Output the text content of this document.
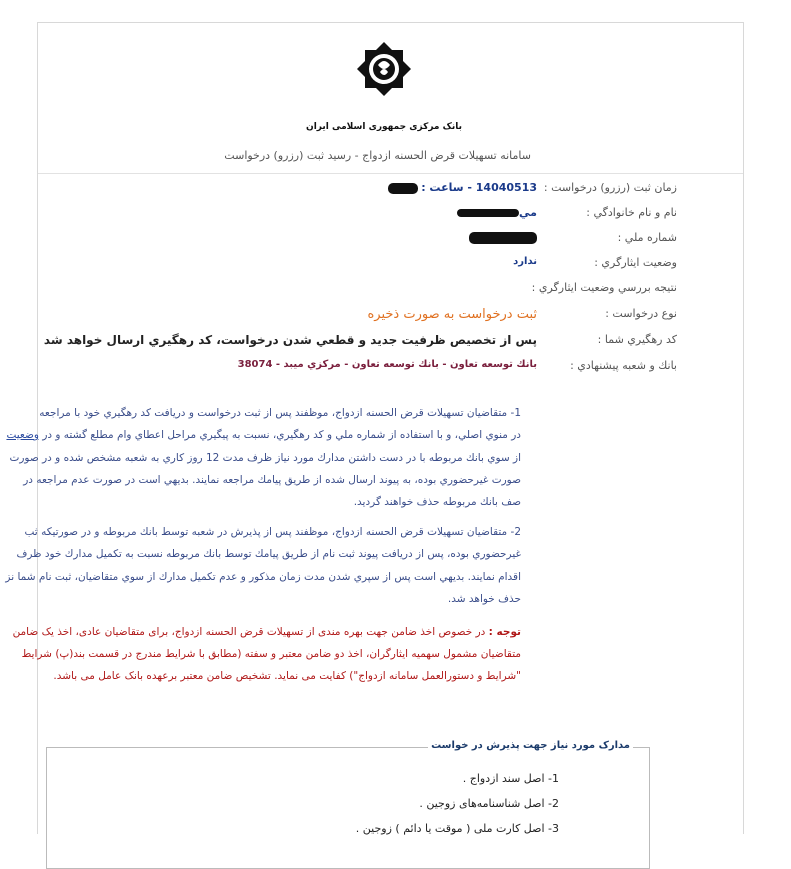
بانک مرکزی جمهوری اسلامی ایران
سامانه تسهیلات قرض الحسنه ازدواج - رسید ثبت (رزرو) درخواست
زمان ثبت (رزرو) درخواست :
14040513 - ساعت :
نام و نام خانوادگي :
مي
شماره ملي :
وضعيت ايثارگري :
ندارد
نتيجه بررسي وضعيت ايثارگري :
نوع درخواست :
ثبت درخواست به صورت ذخيره
كد رهگيري شما :
پس از تخصيص ظرفيت جديد و قطعي شدن درخواست، كد رهگيري ارسال خواهد شد
بانك و شعبه پيشنهادي :
بانك توسعه تعاون - بانك توسعه تعاون - مركزي ميبد - 38074
1- متقاضيان تسهيلات قرض الحسنه ازدواج، موظفند پس از ثبت درخواست و دريافت كد رهگيري خود با مراجعه
در منوي اصلي، و با استفاده از شماره ملي و كد رهگيري، نسبت به پيگيري مراحل اعطاي وام مطلع گشته و در وضعيت
از سوي بانك مربوطه با در دست داشتن مدارك مورد نياز ظرف مدت 12 روز كاري به شعبه مشخص شده و در صورت
صورت غيرحضوري بوده، به پيوند ارسال شده از طريق پيامك مراجعه نمايند. بديهي است در صورت عدم مراجعه در
صف بانك مربوطه حذف خواهند گرديد.
2- متقاضيان تسهيلات قرض الحسنه ازدواج، موظفند پس از پذيرش در شعبه توسط بانك مربوطه و در صورتيكه ثب
غيرحضوري بوده، پس از دريافت پيوند ثبت نام از طريق پيامك توسط بانك مربوطه نسبت به تكميل مدارك خود ظرف
اقدام نمايند. بديهي است پس از سپري شدن مدت زمان مذكور و عدم تكميل مدارك از سوي متقاضيان، ثبت نام شما نز
حذف خواهد شد.
توجه : در خصوص اخذ ضامن جهت بهره مندی از تسهيلات قرض الحسنه ازدواج، برای متقاضيان عادی، اخذ يک ضامن
متقاضيان مشمول سهميه ايثارگران، اخذ دو ضامن معتبر و سفته (مطابق با شرايط مندرج در قسمت بند(پ) شرايط
"شرايط و دستورالعمل سامانه ازدواج") كفايت می نمايد. تشخيص ضامن معتبر برعهده بانک عامل می باشد.
مدارک مورد نياز جهت پذيرش در خواست
1- اصل سند ازدواج .
2- اصل شناسنامه‌های زوجين .
3- اصل كارت ملی ( موقت يا دائم ) زوجين .
